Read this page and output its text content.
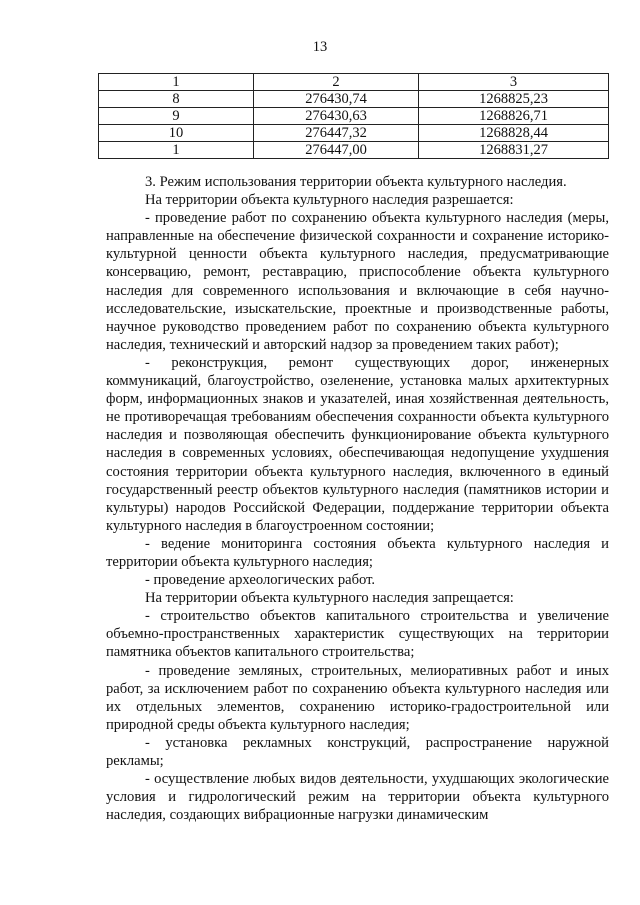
13
1	2	3
8	276430,74	1268825,23
9	276430,63	1268826,71
10	276447,32	1268828,44
1	276447,00	1268831,27

3. Режим использования территории объекта культурного наследия.

На территории объекта культурного наследия разрешается:

- проведение работ по сохранению объекта культурного наследия (меры, направленные на обеспечение физической сохранности и сохранение историко-культурной ценности объекта культурного наследия, предусматривающие консервацию, ремонт, реставрацию, приспособление объекта культурного наследия для современного использования и включающие в себя научно-исследовательские, изыскательские, проектные и производственные работы, научное руководство проведением работ по сохранению объекта культурного наследия, технический и авторский надзор за проведением таких работ);

- реконструкция, ремонт существующих дорог, инженерных коммуникаций, благоустройство, озеленение, установка малых архитектурных форм, информационных знаков и указателей, иная хозяйственная деятельность, не противоречащая требованиям обеспечения сохранности объекта культурного наследия и позволяющая обеспечить функционирование объекта культурного наследия в современных условиях, обеспечивающая недопущение ухудшения состояния территории объекта культурного наследия, включенного в единый государственный реестр объектов культурного наследия (памятников истории и культуры) народов Российской Федерации, поддержание территории объекта культурного наследия в благоустроенном состоянии;

- ведение мониторинга состояния объекта культурного наследия и территории объекта культурного наследия;

- проведение археологических работ.

На территории объекта культурного наследия запрещается:

- строительство объектов капитального строительства и увеличение объемно-пространственных характеристик существующих на территории памятника объектов капитального строительства;

- проведение земляных, строительных, мелиоративных работ и иных работ, за исключением работ по сохранению объекта культурного наследия или их отдельных элементов, сохранению историко-градостроительной или природной среды объекта культурного наследия;

- установка рекламных конструкций, распространение наружной рекламы;

- осуществление любых видов деятельности, ухудшающих экологические условия и гидрологический режим на территории объекта культурного наследия, создающих вибрационные нагрузки динамическим
